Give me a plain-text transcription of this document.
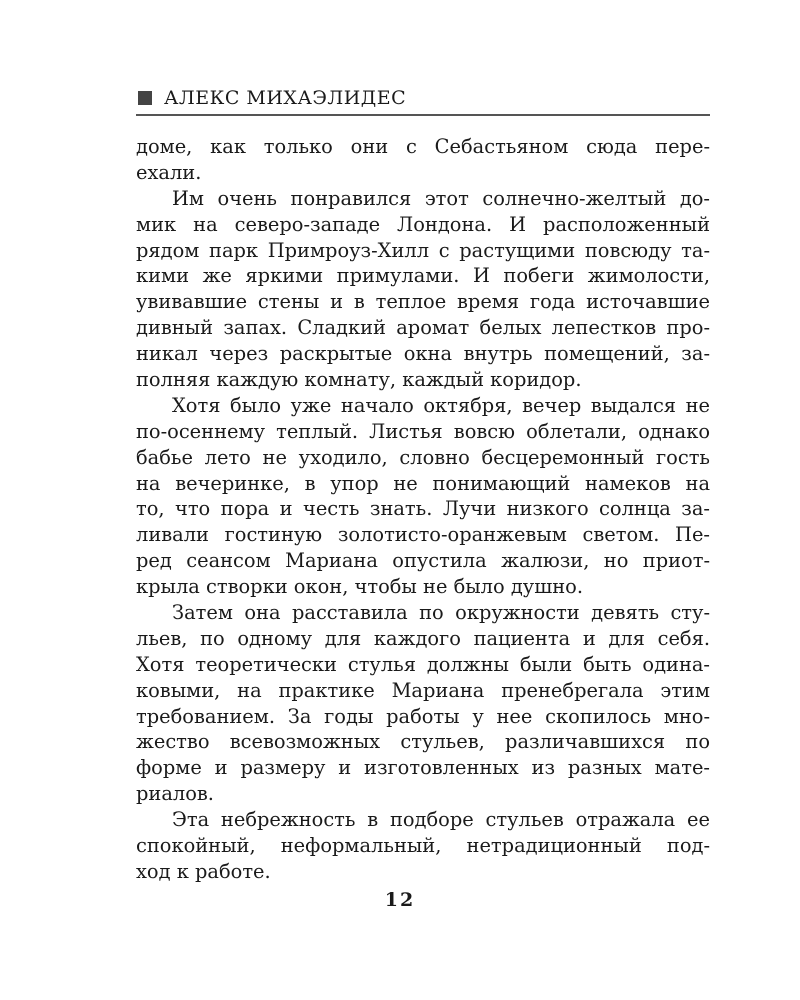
АЛЕКС МИХАЭЛИДЕС
доме, как только они с Себастьяном сюда пере-
ехали.
Им очень понравился этот солнечно-желтый до-
мик на северо-западе Лондона. И расположенный
рядом парк Примроуз-Хилл с растущими повсюду та-
кими же яркими примулами. И побеги жимолости,
увивавшие стены и в теплое время года источавшие
дивный запах. Сладкий аромат белых лепестков про-
никал через раскрытые окна внутрь помещений, за-
полняя каждую комнату, каждый коридор.
Хотя было уже начало октября, вечер выдался не
по-осеннему теплый. Листья вовсю облетали, однако
бабье лето не уходило, словно бесцеремонный гость
на вечеринке, в упор не понимающий намеков на
то, что пора и честь знать. Лучи низкого солнца за-
ливали гостиную золотисто-оранжевым светом. Пе-
ред сеансом Мариана опустила жалюзи, но приот-
крыла створки окон, чтобы не было душно.
Затем она расставила по окружности девять сту-
льев, по одному для каждого пациента и для себя.
Хотя теоретически стулья должны были быть одина-
ковыми, на практике Мариана пренебрегала этим
требованием. За годы работы у нее скопилось мно-
жество всевозможных стульев, различавшихся по
форме и размеру и изготовленных из разных мате-
риалов.
Эта небрежность в подборе стульев отражала ее
спокойный, неформальный, нетрадиционный под-
ход к работе.
12
